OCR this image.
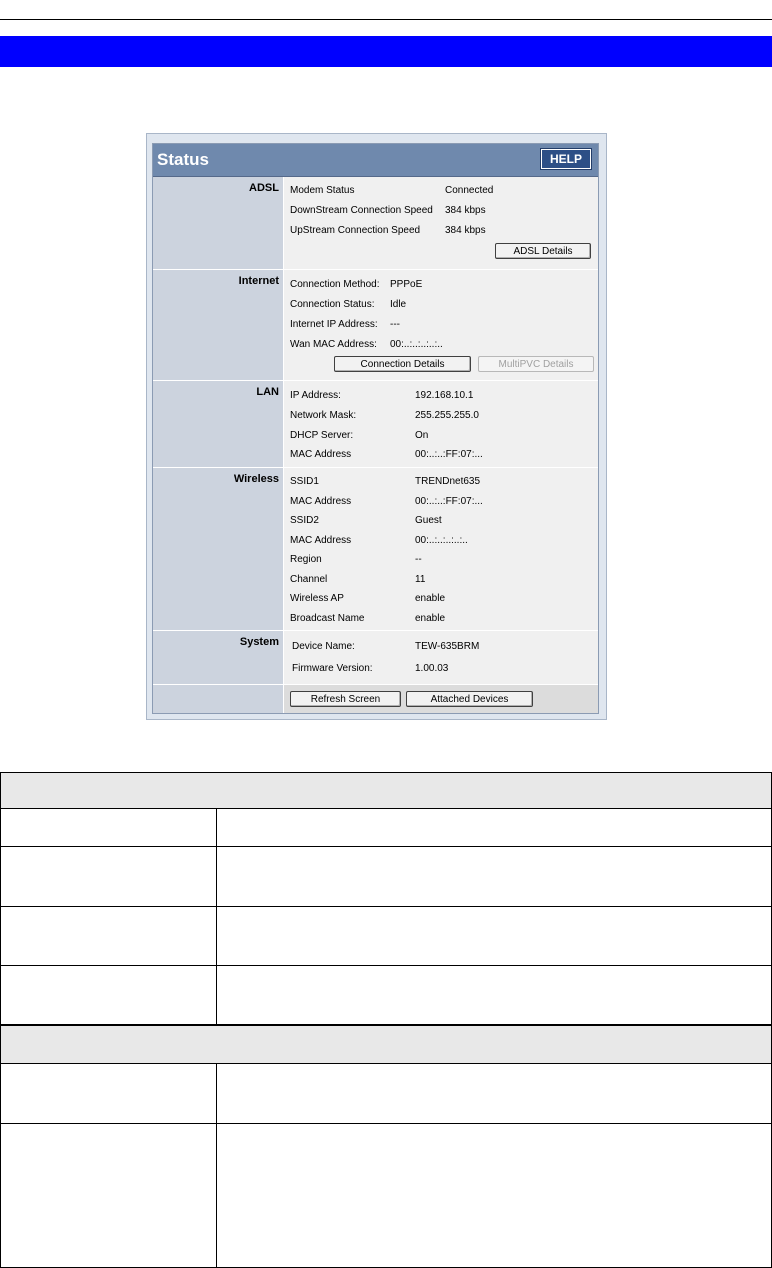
Status	HELP
ADSL	Modem Status	Connected
DownStream Connection Speed 384 kbps
UpStream Connection Speed 384 kbps
ADSL Details
Internet	Connection Method: PPPoE
Connection Status: Idle
Internet IP Address: ---
Wan MAC Address: 00:..:..:..:..:..
Connection Details	MultiPVC Details
LAN	IP Address:	192.168.10.1
Network Mask:	255.255.255.0
DHCP Server:	On
MAC Address	00:..:..:FF:07:...
Wireless	SSID1	TRENDnet635
MAC Address	00:..:..:FF:07:...
SSID2	Guest
MAC Address	00:..:..:..:..:..
Region	--
Channel	11
Wireless AP	enable
Broadcast Name	enable
System	Device Name:	TEW-635BRM
Firmware Version:	1.00.03
Refresh Screen	Attached Devices
